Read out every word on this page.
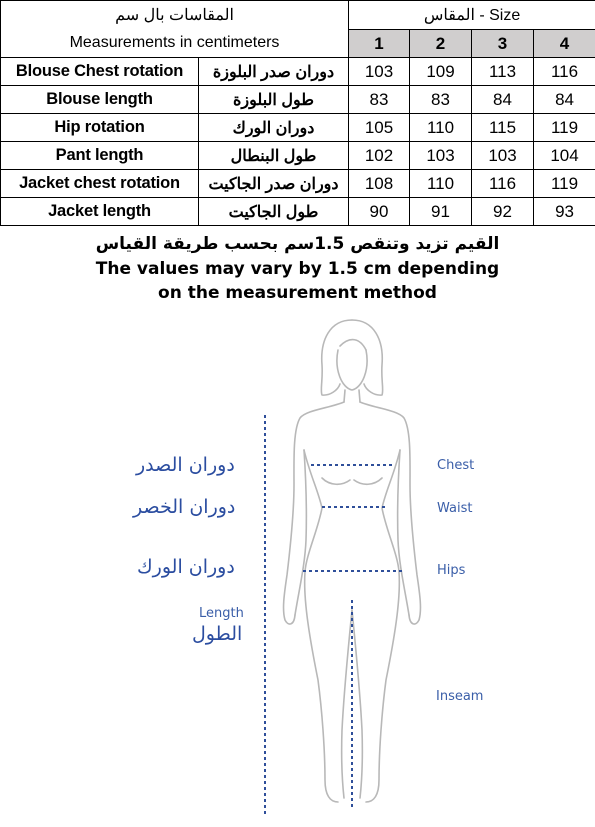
المقاسات بال سم		المقاس - Size			
Measurements in centimeters		1	2	3	4
Blouse Chest rotation	دوران صدر البلوزة	103	109	113	116
Blouse length	طول البلوزة	83	83	84	84
Hip rotation	دوران الورك	105	110	115	119
Pant length	طول البنطال	102	103	103	104
Jacket chest rotation	دوران صدر الجاكيت	108	110	116	119
Jacket length	طول الجاكيت	90	91	92	93
القيم تزيد وتنقص 1.5سم بحسب طريقة القياس
The values may vary by 1.5 cm depending
on the measurement method
دوران الصدر
دوران الخصر
دوران الورك
Length
الطول
Chest
Waist
Hips
Inseam
